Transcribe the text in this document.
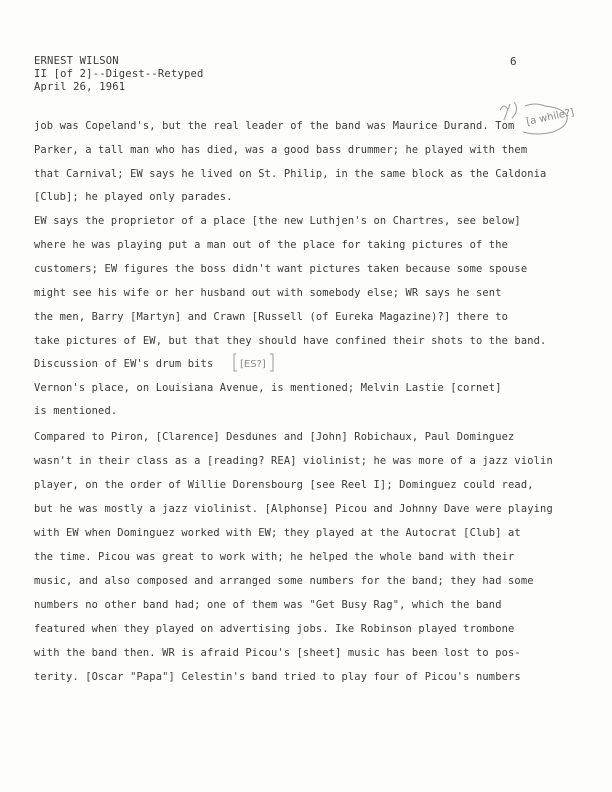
ERNEST WILSON
II [of 2]--Digest--Retyped
April 26, 1961
6
[a while?]
job was Copeland's, but the real leader of the band was Maurice Durand. Tom
Parker, a tall man who has died, was a good bass drummer; he played with them
that Carnival; EW says he lived on St. Philip, in the same block as the Caldonia
[Club]; he played only parades.
EW says the proprietor of a place [the new Luthjen's on Chartres, see below]
where he was playing put a man out of the place for taking pictures of the
customers; EW figures the boss didn't want pictures taken because some spouse
might see his wife or her husband out with somebody else; WR says he sent
the men, Barry [Martyn] and Crawn [Russell (of Eureka Magazine)?] there to
take pictures of EW, but that they should have confined their shots to the band.
Discussion of EW's drum bits
Vernon's place, on Louisiana Avenue, is mentioned; Melvin Lastie [cornet]
is mentioned.
Compared to Piron, [Clarence] Desdunes and [John] Robichaux, Paul Dominguez
wasn't in their class as a [reading? REA] violinist; he was more of a jazz violin
player, on the order of Willie Dorensbourg [see Reel I]; Dominguez could read,
but he was mostly a jazz violinist. [Alphonse] Picou and Johnny Dave were playing
with EW when Dominguez worked with EW; they played at the Autocrat [Club] at
the time. Picou was great to work with; he helped the whole band with their
music, and also composed and arranged some numbers for the band; they had some
numbers no other band had; one of them was "Get Busy Rag", which the band
featured when they played on advertising jobs. Ike Robinson played trombone
with the band then. WR is afraid Picou's [sheet] music has been lost to pos-
terity. [Oscar "Papa"] Celestin's band tried to play four of Picou's numbers
[ES?]
